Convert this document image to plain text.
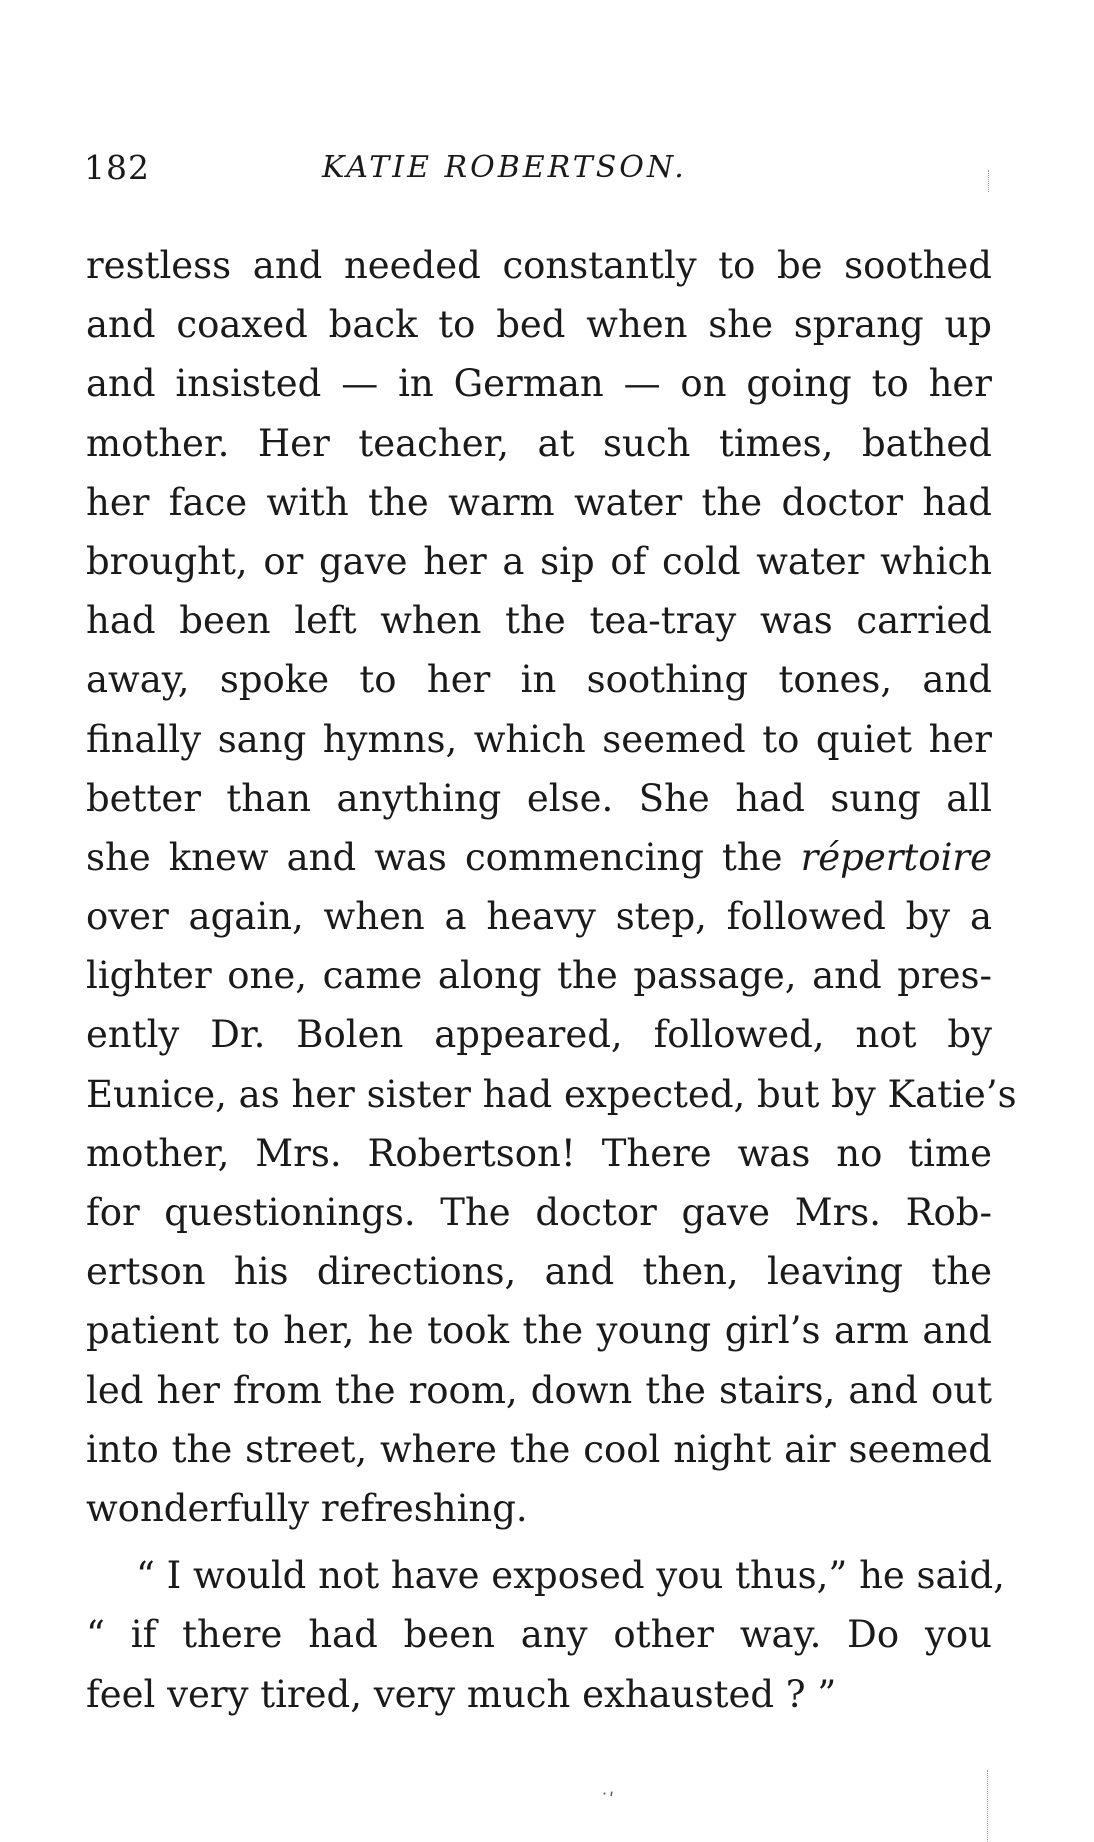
182	KATIE ROBERTSON.
restless and needed constantly to be soothed
and coaxed back to bed when she sprang up
and insisted — in German — on going to her
mother. Her teacher, at such times, bathed
her face with the warm water the doctor had
brought, or gave her a sip of cold water which
had been left when the tea-tray was carried
away, spoke to her in soothing tones, and
finally sang hymns, which seemed to quiet her
better than anything else. She had sung all
she knew and was commencing the répertoire
over again, when a heavy step, followed by a
lighter one, came along the passage, and pres-
ently Dr. Bolen appeared, followed, not by
Eunice, as her sister had expected, but by Katie’s
mother, Mrs. Robertson! There was no time
for questionings. The doctor gave Mrs. Rob-
ertson his directions, and then, leaving the
patient to her, he took the young girl’s arm and
led her from the room, down the stairs, and out
into the street, where the cool night air seemed
wonderfully refreshing.
“ I would not have exposed you thus,” he said,
“ if there had been any other way. Do you
feel very tired, very much exhausted ? ”
˙ʹ
